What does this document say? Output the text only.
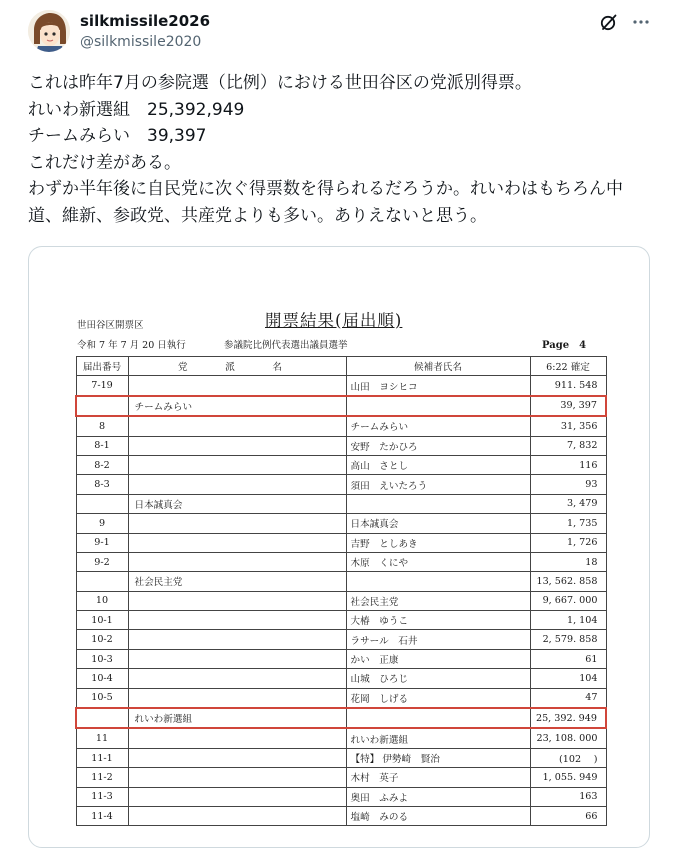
silkmissile2026
@silkmissile2020
これは昨年7月の参院選（比例）における世田谷区の党派別得票。
れいわ新選組　25,392,949
チームみらい　39,397
これだけ差がある。
わずか半年後に自民党に次ぐ得票数を得られるだろうか。れいわはもちろん中道、維新、参政党、共産党よりも多い。ありえないと思う。
世田谷区開票区	開票結果(届出順)
令和 7 年 7 月 20 日執行	参議院比例代表選出議員選挙	Page　4
届出番号	党　派　名	候補者氏名	6:22 確定
7-19		山田　ヨシヒコ	911. 548
	チームみらい		39, 397
8		チームみらい	31, 356
8-1		安野　たかひろ	7, 832
8-2		高山　さとし	116
8-3		須田　えいたろう	93
	日本誠真会		3, 479
9		日本誠真会	1, 735
9-1		吉野　としあき	1, 726
9-2		木原　くにや	18
	社会民主党		13, 562. 858
10		社会民主党	9, 667. 000
10-1		大椿　ゆうこ	1, 104
10-2		ラサール　石井	2, 579. 858
10-3		かい　正康	61
10-4		山城　ひろじ	104
10-5		花岡　しげる	47
	れいわ新選組		25, 392. 949
11		れいわ新選組	23, 108. 000
11-1		【特】 伊勢崎　賢治	(102　 )
11-2		木村　英子	1, 055. 949
11-3		奥田　ふみよ	163
11-4		塩崎　みのる	66
